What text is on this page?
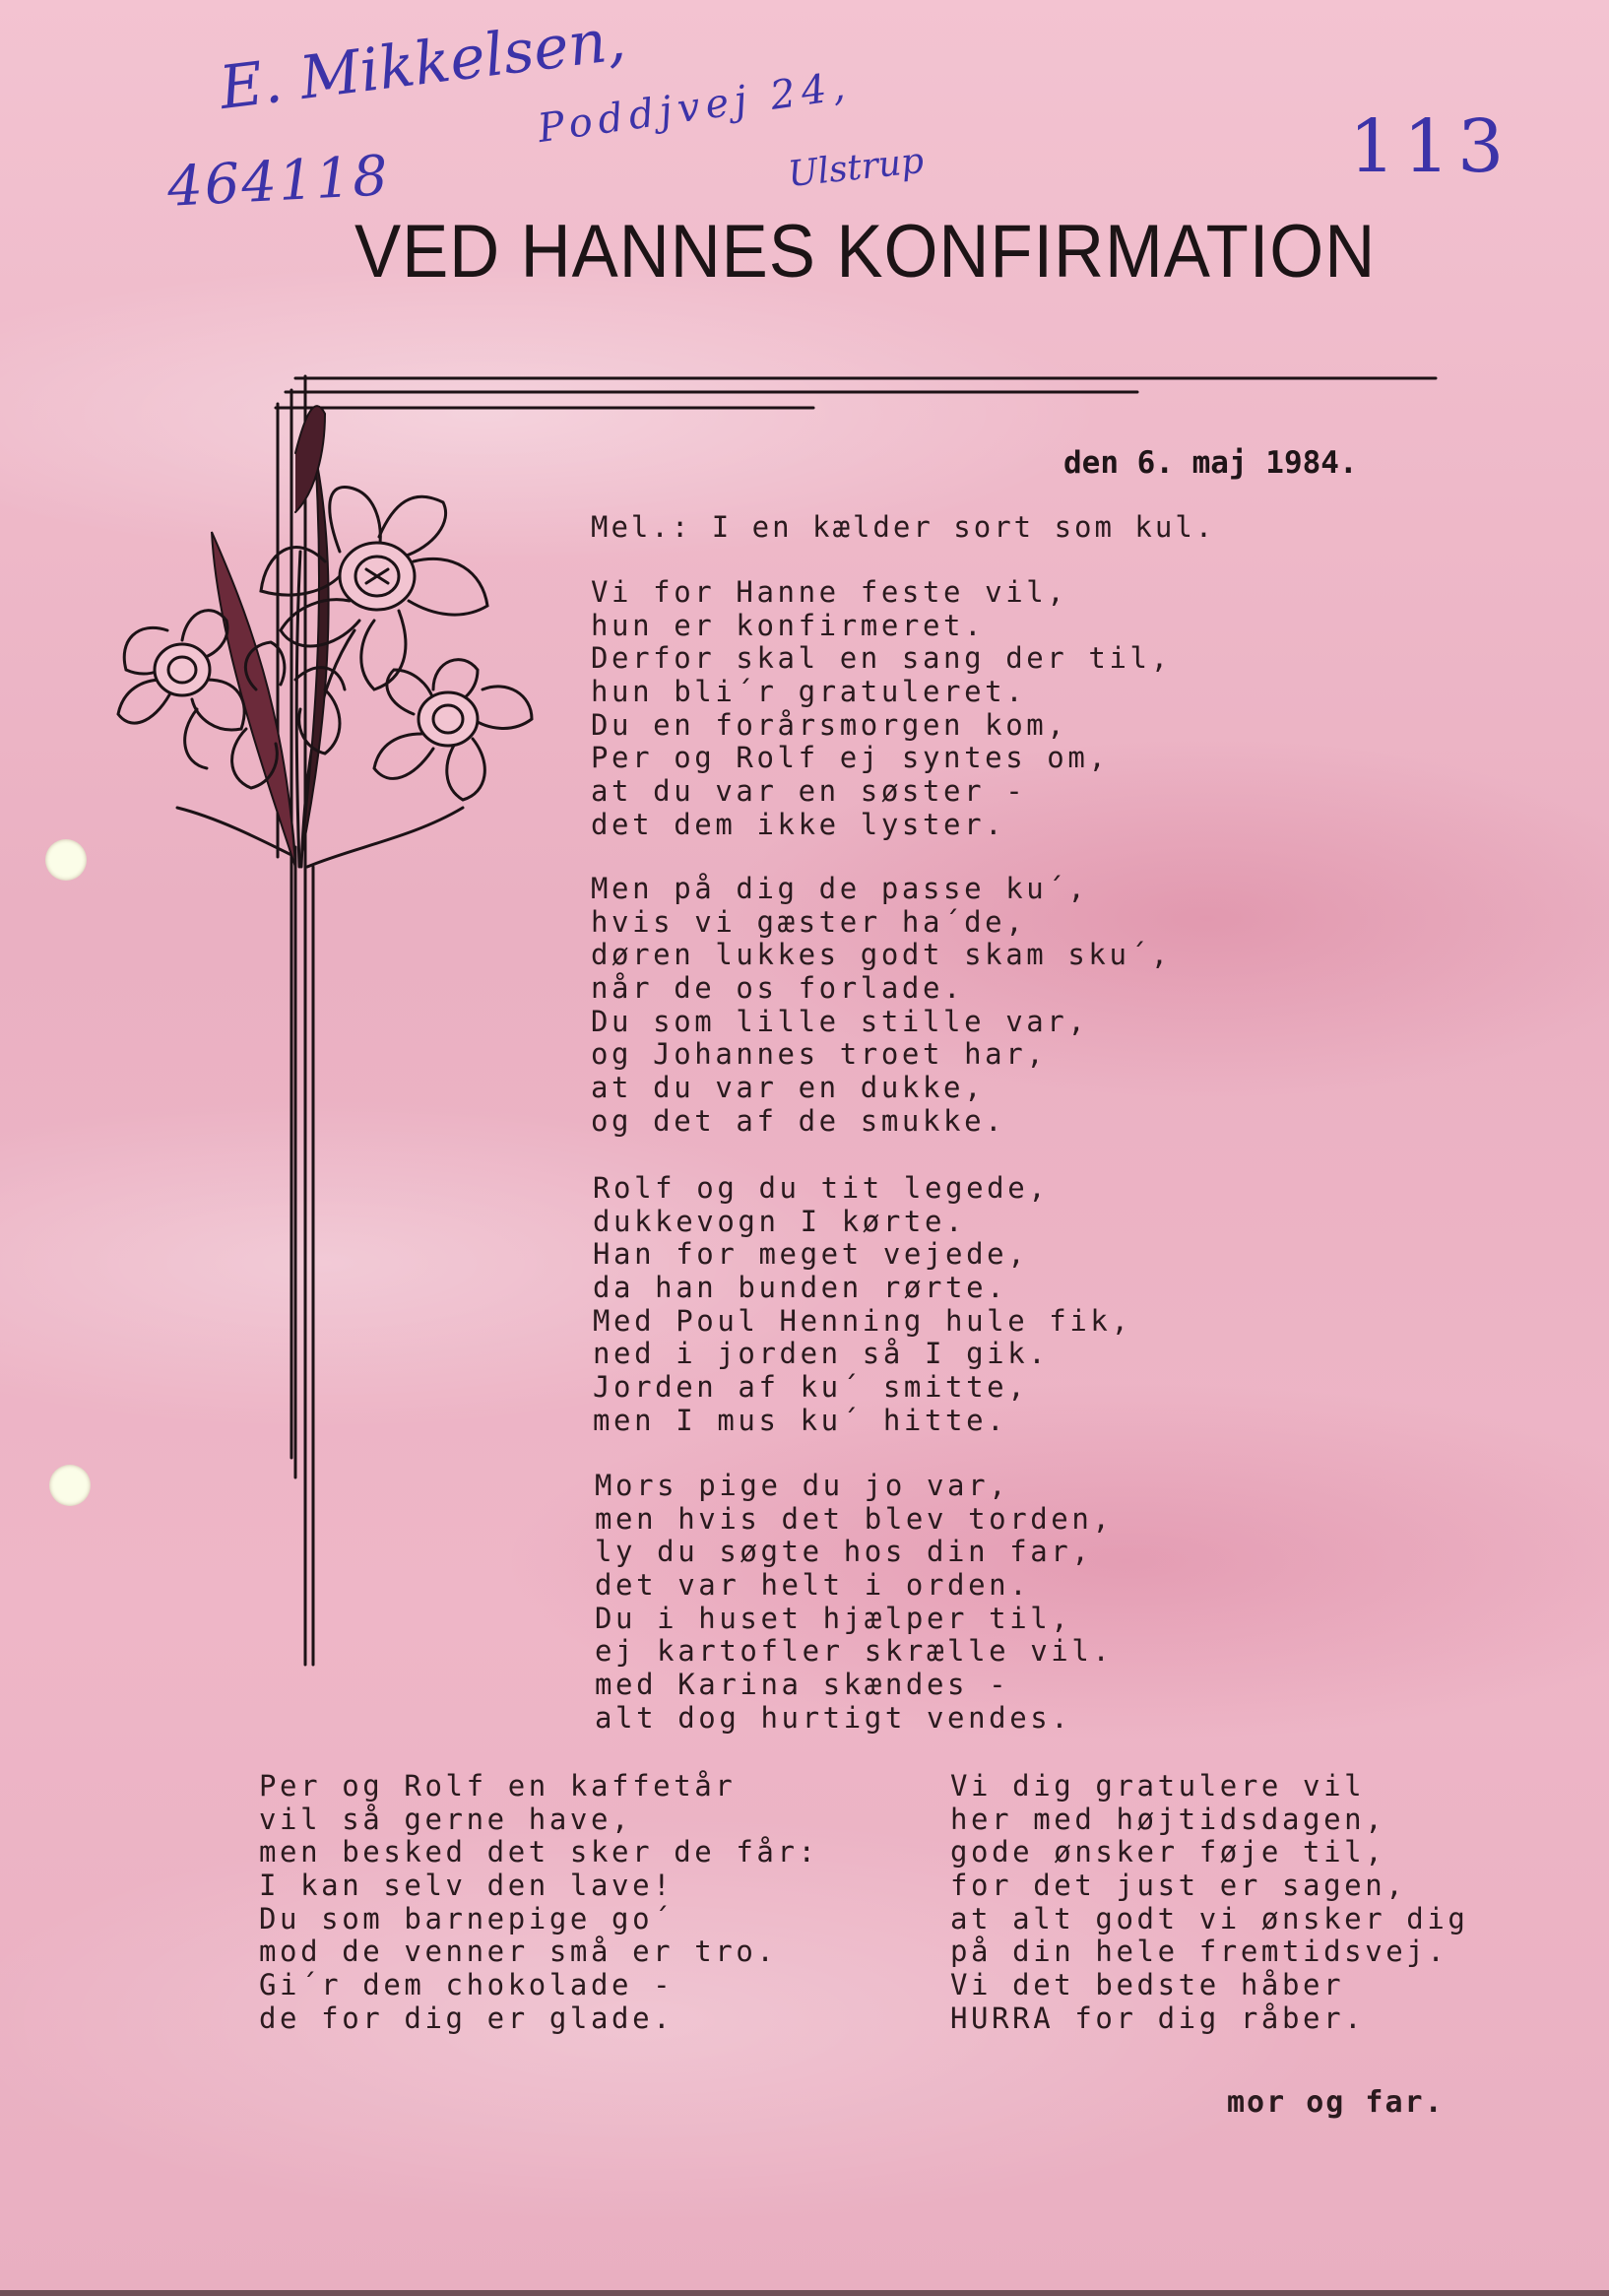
E. Mikkelsen,
Poddjvej 24,
Ulstrup
464118	113
VED HANNES KONFIRMATION
den 6. maj 1984.
Mel.: I en kælder sort som kul.
Vi for Hanne feste vil,
hun er konfirmeret.
Derfor skal en sang der til,
hun bli´r gratuleret.
Du en forårsmorgen kom,
Per og Rolf ej syntes om,
at du var en søster -
det dem ikke lyster.
Men på dig de passe ku´,
hvis vi gæster ha´de,
døren lukkes godt skam sku´,
når de os forlade.
Du som lille stille var,
og Johannes troet har,
at du var en dukke,
og det af de smukke.
Rolf og du tit legede,
dukkevogn I kørte.
Han for meget vejede,
da han bunden rørte.
Med Poul Henning hule fik,
ned i jorden så I gik.
Jorden af ku´ smitte,
men I mus ku´ hitte.
Mors pige du jo var,
men hvis det blev torden,
ly du søgte hos din far,
det var helt i orden.
Du i huset hjælper til,
ej kartofler skrælle vil.
med Karina skændes -
alt dog hurtigt vendes.
Per og Rolf en kaffetår
vil så gerne have,
men besked det sker de får:
I kan selv den lave!
Du som barnepige go´
mod de venner små er tro.
Gi´r dem chokolade -
de for dig er glade.
Vi dig gratulere vil
her med højtidsdagen,
gode ønsker føje til,
for det just er sagen,
at alt godt vi ønsker dig
på din hele fremtidsvej.
Vi det bedste håber
HURRA for dig råber.
mor og far.
